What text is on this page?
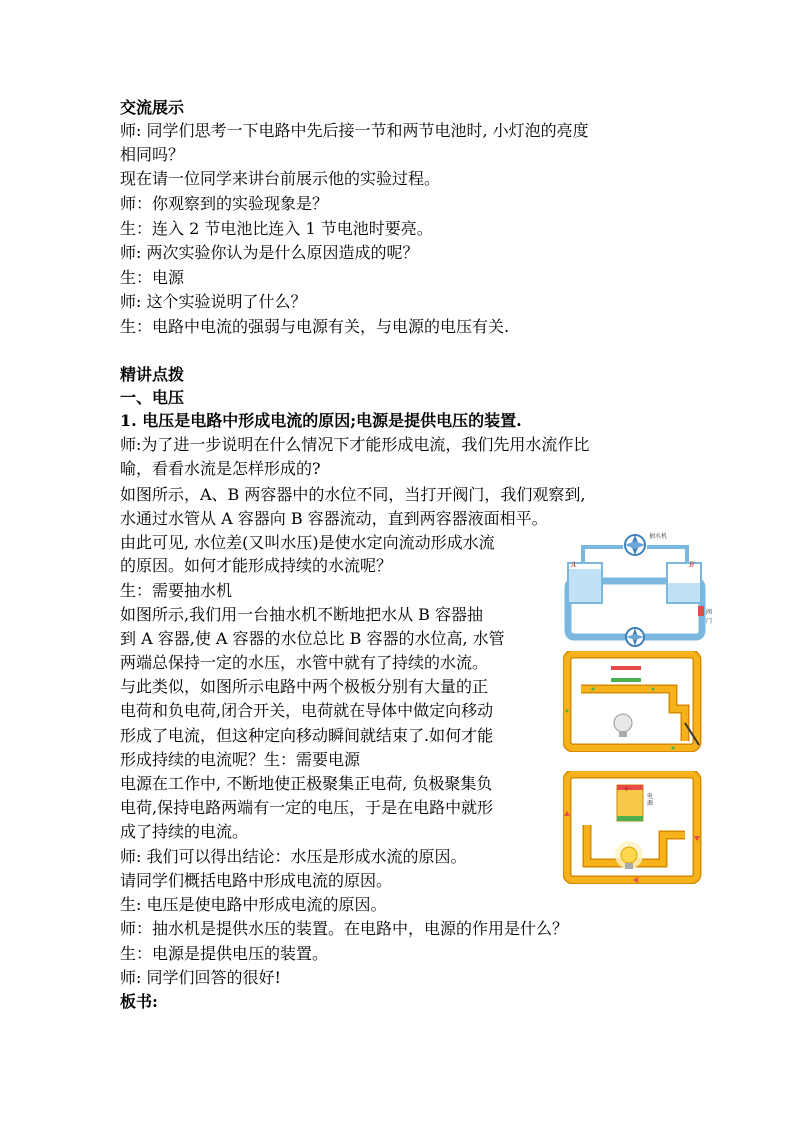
交流展示

师: 同学们思考一下电路中先后接一节和两节电池时, 小灯泡的亮度

相同吗？

现在请一位同学来讲台前展示他的实验过程。

师：你观察到的实验现象是？

生：连入 2 节电池比连入 1 节电池时要亮。

师: 两次实验你认为是什么原因造成的呢？

生：电源

师: 这个实验说明了什么？

生：电路中电流的强弱与电源有关，与电源的电压有关.

精讲点拨

一、电压

1. 电压是电路中形成电流的原因;电源是提供电压的装置.

师:为了进一步说明在什么情况下才能形成电流，我们先用水流作比

喻，看看水流是怎样形成的?

如图所示，A、B 两容器中的水位不同，当打开阀门，我们观察到,

水通过水管从 A 容器向 B 容器流动，直到两容器液面相平。

由此可见, 水位差(又叫水压)是使水定向流动形成水流

的原因。如何才能形成持续的水流呢？

生：需要抽水机

如图所示,我们用一台抽水机不断地把水从 B 容器抽

到 A 容器,使 A 容器的水位总比 B 容器的水位高, 水管

两端总保持一定的水压，水管中就有了持续的水流。

与此类似，如图所示电路中两个极板分别有大量的正

电荷和负电荷,闭合开关，电荷就在导体中做定向移动

形成了电流，但这种定向移动瞬间就结束了.如何才能

形成持续的电流呢？生：需要电源

电源在工作中, 不断地使正极聚集正电荷, 负极聚集负

电荷,保持电路两端有一定的电压，于是在电路中就形

成了持续的电流。

师: 我们可以得出结论：水压是形成水流的原因。

请同学们概括电路中形成电流的原因。

生: 电压是使电路中形成电流的原因。

师：抽水机是提供水压的装置。在电路中，电源的作用是什么？

生：电源是提供电压的装置。

师: 同学们回答的很好!

板书:

A	B
抽水机
阀门
+
电源
